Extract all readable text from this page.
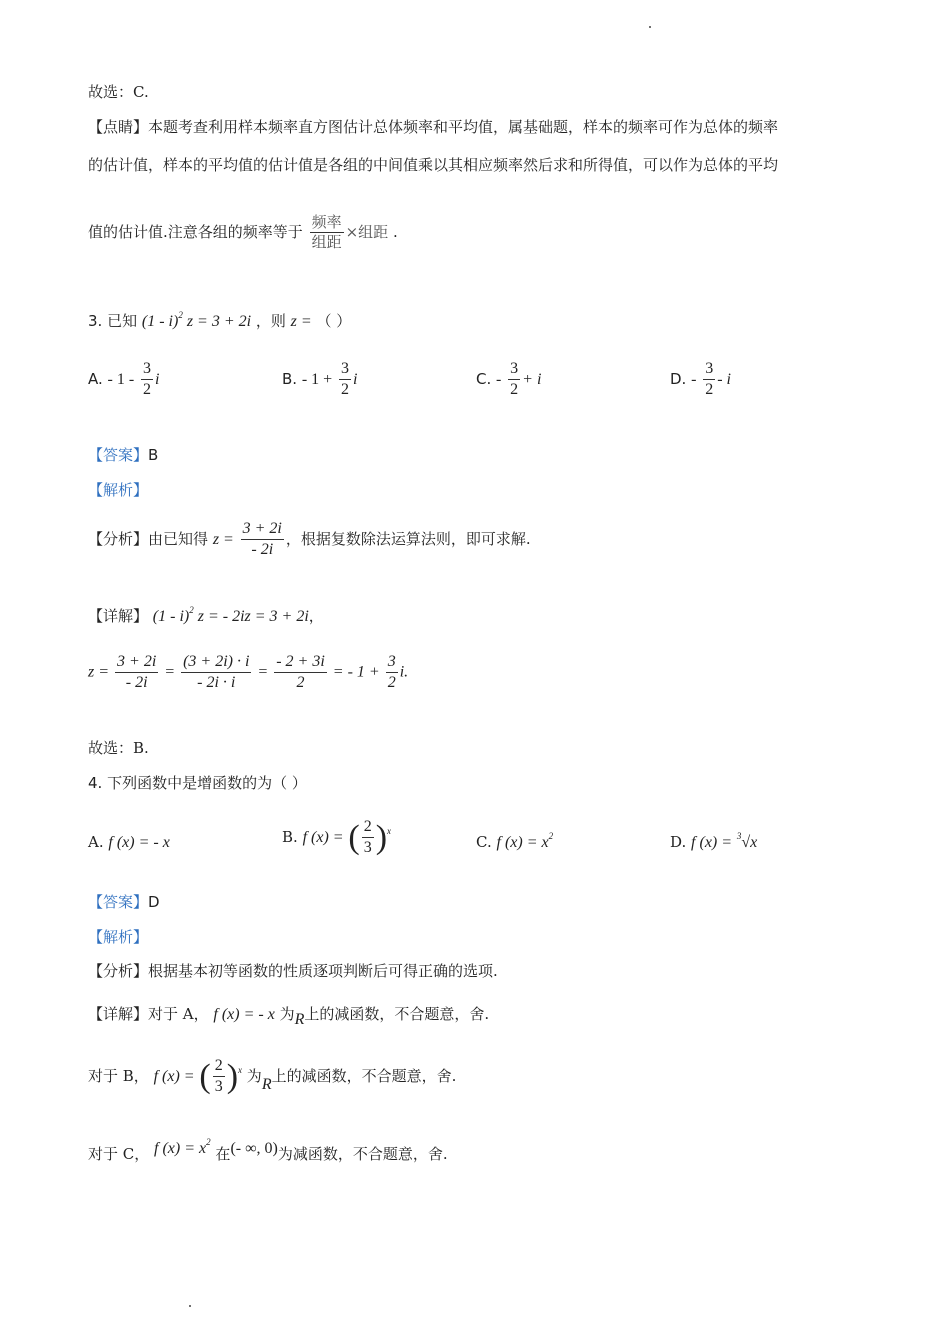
故选：C.
【点睛】本题考查利用样本频率直方图估计总体频率和平均值，属基础题，样本的频率可作为总体的频率
的估计值，样本的平均值的估计值是各组的中间值乘以其相应频率然后求和所得值，可以作为总体的平均
值的估计值.注意各组的频率等于 $\frac{\text{频率}}{\text{组距}}$ ×组距 .
3. 已知 (1 - i)$^2$ z = 3 + 2i ，则 z = （ ）
A. - $1 - \frac{3}{2}$ i	B. - $1 + \frac{3}{2}$ i	C. - $\frac{3}{2} + i$	D. - $\frac{3}{2}$ - i
【答案】B
【解析】
【分析】由已知得 $z = \frac{3 + 2i}{- 2i}$ ，根据复数除法运算法则，即可求解.
【详解】 (1 - i)$^2$ z = - 2iz = 3 + 2i，
$z = \frac{3 + 2i}{- 2i} = \frac{(3 + 2i) \cdot i}{- 2i \cdot i} = \frac{- 2 + 3i}{2}$ = - $1 + \frac{3}{2} i$.
故选：B.
4. 下列函数中是增函数的为（ ）
A. f (x) = - x	B. f (x) = ( $\frac{2}{3} )^x$
C. f $(x) = x^2$	D. f (x) = $^3$√x
【答案】D
【解析】
【分析】根据基本初等函数的性质逐项判断后可得正确的选项.
【详解】对于 A， f (x) = - x 为R上的减函数，不合题意，舍.
对于 B， f (x) = ( $\frac{2}{3} )^x$ 为R上的减函数，不合题意，舍.
对于 C， f $(x) = x^2$ 在(- ∞, 0)为减函数，不合题意，舍.
